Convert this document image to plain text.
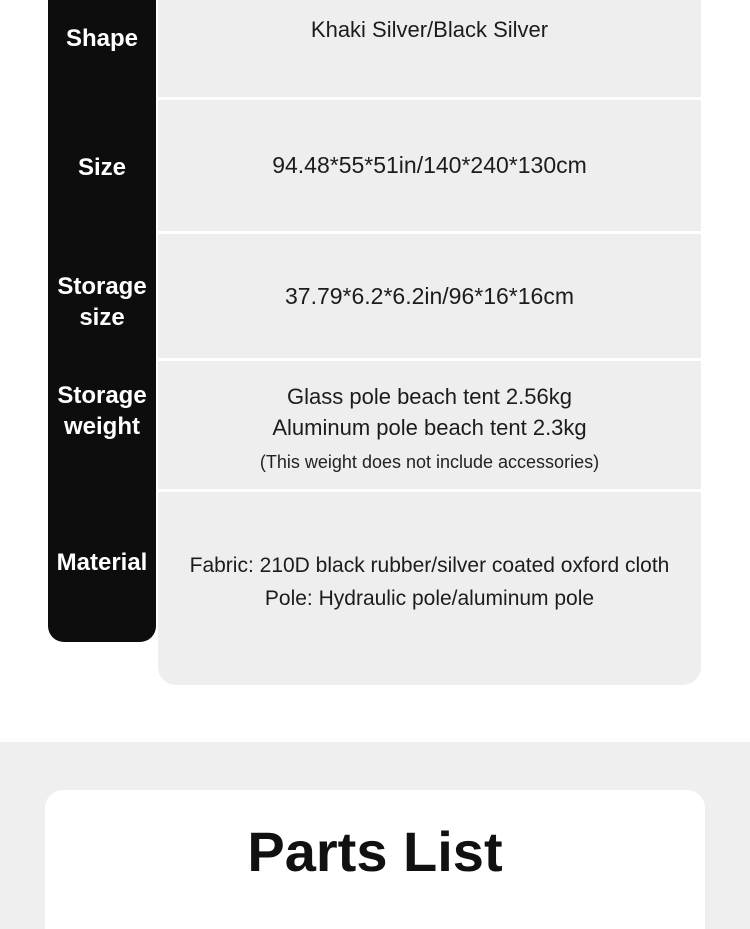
Khaki Silver/Black Silver
94.48*55*51in/140*240*130cm
37.79*6.2*6.2in/96*16*16cm
Glass pole beach tent 2.56kg
Aluminum pole beach tent 2.3kg
(This weight does not include accessories)
Fabric: 210D black rubber/silver coated oxford cloth
Pole: Hydraulic pole/aluminum pole
Shape
Size
Storage size
Storage weight
Material
Parts List
